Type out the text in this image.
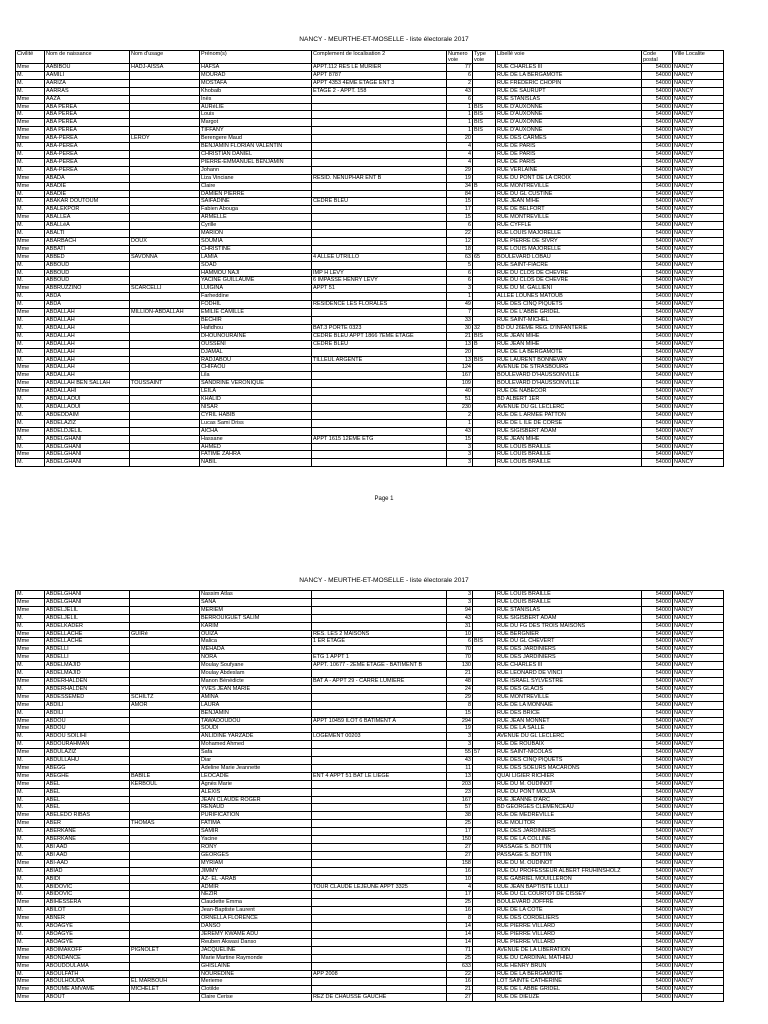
NANCY - MEURTHE-ET-MOSELLE - liste électorale 2017
Civilité	Nom de naissance	Nom d'usage	Prénom(s)	Complement de localisation 2	Numero voie	Type voie	Libellé voie	Code postal	Ville Localite
Mme	AABIBOU	HADJ-AISSA	HAFSA	APPT.112 RES LE MURIER	77		RUE CHARLES III	54000	NANCY
M.	AAMILI		MOURAD	APPT 8787	6		RUE DE LA BERGAMOTE	54000	NANCY
M.	AARIZA		MOSTAFA	APPT 4353 4EME ETAGE ENT 3	2		RUE FREDERIC CHOPIN	54000	NANCY
M.	AARRAS		Khobaib	ETAGE 2 - APPT. 158	43		RUE DE SAURUPT	54000	NANCY
Mme	AAZA		Inès		6		RUE STANISLAS	54000	NANCY
Mme	ABA PEREA		AURéLIE		1	BIS	RUE D'AUXONNE	54000	NANCY
M.	ABA PEREA		Louis		1	BIS	RUE D'AUXONNE	54000	NANCY
Mme	ABA PEREA		Margot		1	BIS	RUE D'AUXONNE	54000	NANCY
Mme	ABA PEREA		TIFFANY		1	BIS	RUE D'AUXONNE	54000	NANCY
Mme	ABA-PEREA	LEROY	Berengere Maud		20		RUE DES CARMES	54000	NANCY
M.	ABA-PEREA		BENJAMIN FLORIAN VALENTIN		4		RUE DE PARIS	54000	NANCY
M.	ABA-PEREA		CHRISTIAN DANIEL		4		RUE DE PARIS	54000	NANCY
M.	ABA-PEREA		PIERRE-EMMANUEL BENJAMIN		4		RUE DE PARIS	54000	NANCY
M.	ABA-PEREA		Johann		29		RUE VERLAINE	54000	NANCY
Mme	ABADA		Liza Vinciane	RESID. NENUPHAR ENT B	19		RUE DU PONT DE LA CROIX	54000	NANCY
Mme	ABADIE		Claire		34	B	RUE MONTREVILLE	54000	NANCY
M.	ABADIE		DAMIEN PIERRE		84		RUE DU GL CUSTINE	54000	NANCY
M.	ABAKAR DOUTOUM		SAIFADINE	CEDRE BLEU	15		RUE JEAN MIHE	54000	NANCY
M.	ABALEKPOR		Fabien Abouga		17		RUE DE BELFORT	54000	NANCY
Mme	ABALLEA		ARMELLE		15		RUE MONTREVILLE	54000	NANCY
M.	ABALLéA		Cyrille		6		RUE CYFFLE	54000	NANCY
M.	ABALTI		MARION		22		RUE LOUIS MAJORELLE	54000	NANCY
Mme	ABARBACH	DOUX	SOUMIA		12		RUE PIERRE DE SIVRY	54000	NANCY
Mme	ABBATI		CHRISTINE		18		RUE LOUIS MAJORELLE	54000	NANCY
Mme	ABBED	SAVONNA	LAMIA	4 ALLEE UTRILLO	63	65	BOULEVARD LOBAU	54000	NANCY
M.	ABBOUD		SOAD		5		RUE SAINT-FIACRE	54000	NANCY
M.	ABBOUD		HAMMOU NAJI	IMP H LEVY	6		RUE DU CLOS DE CHEVRE	54000	NANCY
M.	ABBOUD		YACINE GUILLAUME	6 IMPASSE HENRY LEVY	6		RUE DU CLOS DE CHEVRE	54000	NANCY
Mme	ABBRUZZINO	SCARCELLI	LUIGINA	APPT 51	3		RUE DU M. GALLIENI	54000	NANCY
M.	ABDA		Farheddine		1		ALLEE LOUNES MATOUB	54000	NANCY
M.	ABDA		FODHIL	RESIDENCE LES FLORALES	49		RUE DES CINQ PIQUETS	54000	NANCY
Mme	ABDALLAH	MILLION-ABDALLAH	EMILIE CAMILLE		7		RUE DE L'ABBE GRIDEL	54000	NANCY
M.	ABDALLAH		BECHIR		33		RUE SAINT-MICHEL	54000	NANCY
M.	ABDALLAH		Hafidhou	BAT.3 PORTE 0323	30	32	BD DU 26EME REG. D'INFANTERIE	54000	NANCY
M.	ABDALLAH		DHOUNOURAINE	CEDRE BLEU APPT 1866 7EME ETAGE	21	BIS	RUE JEAN MIHE	54000	NANCY
M.	ABDALLAH		OUSSENI	CEDRE BLEU	13	B	RUE JEAN MIHE	54000	NANCY
M.	ABDALLAH		DJAMAL		20		RUE DE LA BERGAMOTE	54000	NANCY
M.	ABDALLAH		RADJABOU	TILLEUL ARGENTE	13	BIS	RUE LAURENT BONNEVAY	54000	NANCY
Mme	ABDALLAH		CHIFAOU		124		AVENUE DE STRASBOURG	54000	NANCY
Mme	ABDALLAH		Lila		167		BOULEVARD D'HAUSSONVILLE	54000	NANCY
Mme	ABDALLAH BEN SALLAH	TOUSSAINT	SANDRINE VERONIQUE		109		BOULEVARD D'HAUSSONVILLE	54000	NANCY
Mme	ABDALLAHI		LEILA		40		RUE DE NABECOR	54000	NANCY
M.	ABDALLAOUI		KHALID		51		BD ALBERT 1ER	54000	NANCY
M.	ABDALLAOUI		NISAR		230		AVENUE DU GL LECLERC	54000	NANCY
M.	ABDEDDAIM		CYRIL HABIB		2		RUE DE L ARMEE PATTON	54000	NANCY
M.	ABDELAZIZ		Lucas Sami Driss		1		RUE DE L ILE DE CORSE	54000	NANCY
Mme	ABDELDJELIL		AICHA		43		RUE SIGISBERT ADAM	54000	NANCY
M.	ABDELGHANI		Hassane	APPT 1615 12EME ETG	15		RUE JEAN MIHE	54000	NANCY
M.	ABDELGHANI		AHMED		3		RUE LOUIS BRAILLE	54000	NANCY
Mme	ABDELGHANI		FATIME ZAHRA		3		RUE LOUIS BRAILLE	54000	NANCY
M.	ABDELGHANI		NABIL		3		RUE LOUIS BRAILLE	54000	NANCY
Page 1
NANCY - MEURTHE-ET-MOSELLE - liste électorale 2017
M.	ABDELGHANI		Nassim Atlas		3		RUE LOUIS BRAILLE	54000	NANCY
Mme	ABDELGHANI		SANA		3		RUE LOUIS BRAILLE	54000	NANCY
Mme	ABDELJELIL		MERIEM		94		RUE STANISLAS	54000	NANCY
M.	ABDELJELIL		BERROUIGUET SALIM		43		RUE SIGISBERT ADAM	54000	NANCY
M.	ABDELKADER		KARIM		31		RUE DU FG DES TROIS MAISONS	54000	NANCY
Mme	ABDELLACHE	GUIRé	OUIZA	RES. LES 2 MAISONS	10		RUE BERGNIER	54000	NANCY
Mme	ABDELLACHE		Malica	1 ER ETAGE	6	BIS	RUE DU GL CHEVERT	54000	NANCY
Mme	ABDELLI		MEHADA		70		RUE DES JARDINIERS	54000	NANCY
Mme	ABDELLI		NORA	ETG 1 APPT 1	70		RUE DES JARDINIERS	54000	NANCY
M.	ABDELMAJID		Moulay Soufyane	APPT. 10677 - 2EME ETAGE - BATIMENT B	130		RUE CHARLES III	54000	NANCY
M.	ABDELMAJID		Moulay Abdeslam		21		RUE LEONARD DE VINCI	54000	NANCY
Mme	ABDERHALDEN		Manon Bénédicte	BAT A - APPT 29 - CARRE LUMIERE	48		RUE ISRAEL SYLVESTRE	54000	NANCY
M.	ABDERHALDEN		YVES JEAN MARIE		24		RUE DES GLACIS	54000	NANCY
Mme	ABDESSEMED	SCHILTZ	AMINA		29		RUE MONTREVILLE	54000	NANCY
Mme	ABDILI	AMOR	LAURA		8		RUE DE LA MONNAIE	54000	NANCY
M.	ABDILI		BENJAMIN		15		RUE DES BRICE	54000	NANCY
Mme	ABDOU		TAWADOUDOU	APPT 10459 ILOT 6 BATIMENT A	294		RUE JEAN MONNET	54000	NANCY
Mme	ABDOU		SOUDI		19		RUE DE LA SALLE	54000	NANCY
M.	ABDOU SOILIHI		ANLIDINE YARZADE	LOGEMENT 00203	3		AVENUE DU GL LECLERC	54000	NANCY
M.	ABDOURAHMAN		Mohamed Ahmed		3		RUE DE ROUBAIX	54000	NANCY
Mme	ABDULAZIZ		Safa		55	57	RUE SAINT-NICOLAS	54000	NANCY
M.	ABDULLAHU		Diar		43		RUE DES CINQ PIQUETS	54000	NANCY
Mme	ABEGG		Adeline Marie Jeannette		11		RUE DES SOEURS MACARONS	54000	NANCY
Mme	ABEGHE	BABILE	LEOCADIE	ENT 4 APPT 51 BAT LE LIEGE	13		QUAI LIGIER RICHIER	54000	NANCY
Mme	ABEL	KERBOUL	Agnès Marie		203		RUE DU M. OUDINOT	54000	NANCY
M.	ABEL		ALEXIS		23		RUE DU PONT MOUJA	54000	NANCY
M.	ABEL		JEAN CLAUDE ROGER		167		RUE JEANNE D'ARC	54000	NANCY
M.	ABEL		RENAUD		57		BD GEORGES CLEMENCEAU	54000	NANCY
Mme	ABELEDO RIBAS		PURIFICATION		38		RUE DE MEDREVILLE	54000	NANCY
Mme	ABER	THOMAS	FATIMA		25		RUE MOLITOR	54000	NANCY
M.	ABERKANE		SAMIR		17		RUE DES JARDINIERS	54000	NANCY
M.	ABERKANE		Yacine		150		RUE DE LA COLLINE	54000	NANCY
M.	ABI AAD		RONY		27		PASSAGE S. BOTTIN	54000	NANCY
M.	ABI AAD		GEORGES		27		PASSAGE S. BOTTIN	54000	NANCY
Mme	ABI-AAD		MYRIAM		158		RUE DU M. OUDINOT	54000	NANCY
M.	ABIAD		JIMMY		16		RUE DU PROFESSEUR ALBERT FRUHINSHOLZ	54000	NANCY
M.	ABIDI		AZ- EL -ARAB		10		RUE GABRIEL MOUILLERON	54000	NANCY
M.	ABIDOVIC		ADMIR	TOUR CLAUDE LEJEUNE APPT 3325	4		RUE JEAN BAPTISTE LULLI	54000	NANCY
M.	ABIDOVIC		NEZIR		17		RUE DU CL COURTOT DE CISSEY	54000	NANCY
Mme	ABIHESSERA		Claudette Emma		25		BOULEVARD JOFFRE	54000	NANCY
M.	ABILOT		Jean-Baptiste Laurent		16		RUE DE LA COTE	54000	NANCY
Mme	ABNER		ORNELLA FLORENCE		8		RUE DES CORDELIERS	54000	NANCY
M.	ABOAGYE		DANSO		14		RUE PIERRE VILLARD	54000	NANCY
M.	ABOAGYE		JEREMY KWAME ADU		14		RUE PIERRE VILLARD	54000	NANCY
M.	ABOAGYE		Reuben Akwasi Danso		14		RUE PIERRE VILLARD	54000	NANCY
Mme	ABOIMAKOFF	PIGNOLET	JACQUELINE		71		AVENUE DE LA LIBERATION	54000	NANCY
Mme	ABONDANCE		Marie Martine Raymonde		25		RUE DU CARDINAL MATHIEU	54000	NANCY
Mme	ABOUDOULAMA		GHISLAINE		633		RUE HENRY BRUN	54000	NANCY
M.	ABOULFATH		NOUREDINE	APP 2008	22		RUE DE LA BERGAMOTE	54000	NANCY
Mme	ABOULHOUDA	EL MARBOUH	Merieme		16		LOT SAINTE CATHERINE	54000	NANCY
Mme	ABOUME AMVAME	MICHELET	Clotilde		21		RUE DE L ABBE GRIDEL	54000	NANCY
Mme	ABOUT		Claire Cerise	REZ DE CHAUSSE GAUCHE	27		RUE DE DIEUZE	54000	NANCY
